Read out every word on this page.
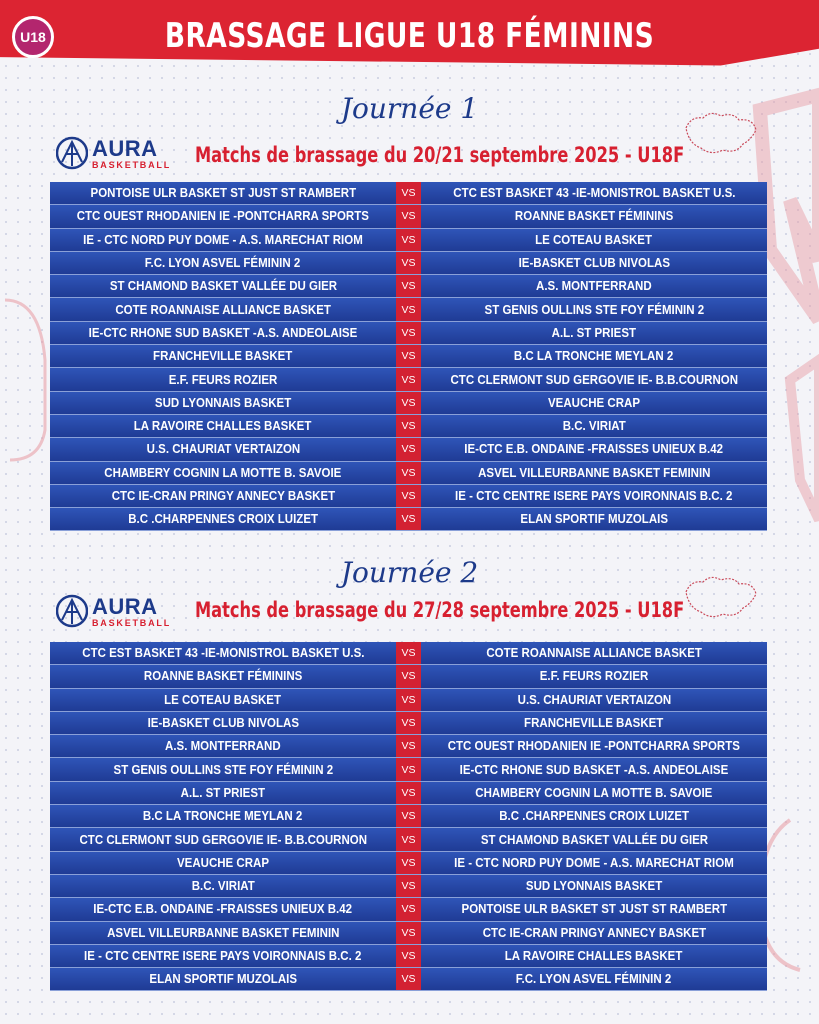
U18	BRASSAGE LIGUE U18 FÉMININS
Journée 1
AURA
BASKETBALL Matchs de brassage du 20/21 septembre 2025 - U18F
PONTOISE ULR BASKET ST JUST ST RAMBERT	VS	CTC EST BASKET 43 -IE-MONISTROL BASKET U.S.
CTC OUEST RHODANIEN IE -PONTCHARRA SPORTS	VS	ROANNE BASKET FÉMININS
IE - CTC NORD PUY DOME - A.S. MARECHAT RIOM	VS	LE COTEAU BASKET
F.C. LYON ASVEL FÉMININ 2	VS	IE-BASKET CLUB NIVOLAS
ST CHAMOND BASKET VALLÉE DU GIER	VS	A.S. MONTFERRAND
COTE ROANNAISE ALLIANCE BASKET	VS	ST GENIS OULLINS STE FOY FÉMININ 2
IE-CTC RHONE SUD BASKET -A.S. ANDEOLAISE	VS	A.L. ST PRIEST
FRANCHEVILLE BASKET	VS	B.C LA TRONCHE MEYLAN 2
E.F. FEURS ROZIER	VS	CTC CLERMONT SUD GERGOVIE IE- B.B.COURNON
SUD LYONNAIS BASKET	VS	VEAUCHE CRAP
LA RAVOIRE CHALLES BASKET	VS	B.C. VIRIAT
U.S. CHAURIAT VERTAIZON	VS	IE-CTC E.B. ONDAINE -FRAISSES UNIEUX B.42
CHAMBERY COGNIN LA MOTTE B. SAVOIE	VS	ASVEL VILLEURBANNE BASKET FEMININ
CTC IE-CRAN PRINGY ANNECY BASKET	VS	IE - CTC CENTRE ISERE PAYS VOIRONNAIS B.C. 2
B.C .CHARPENNES CROIX LUIZET	VS	ELAN SPORTIF MUZOLAIS
Journée 2
AURA
BASKETBALL
Matchs de brassage du 27/28 septembre 2025 - U18F
CTC EST BASKET 43 -IE-MONISTROL BASKET U.S.	VS	COTE ROANNAISE ALLIANCE BASKET
ROANNE BASKET FÉMININS	VS	E.F. FEURS ROZIER
LE COTEAU BASKET	VS	U.S. CHAURIAT VERTAIZON
IE-BASKET CLUB NIVOLAS	VS	FRANCHEVILLE BASKET
A.S. MONTFERRAND	VS	CTC OUEST RHODANIEN IE -PONTCHARRA SPORTS
ST GENIS OULLINS STE FOY FÉMININ 2	VS	IE-CTC RHONE SUD BASKET -A.S. ANDEOLAISE
A.L. ST PRIEST	VS	CHAMBERY COGNIN LA MOTTE B. SAVOIE
B.C LA TRONCHE MEYLAN 2	VS	B.C .CHARPENNES CROIX LUIZET
CTC CLERMONT SUD GERGOVIE IE- B.B.COURNON	VS	ST CHAMOND BASKET VALLÉE DU GIER
VEAUCHE CRAP	VS	IE - CTC NORD PUY DOME - A.S. MARECHAT RIOM
B.C. VIRIAT	VS	SUD LYONNAIS BASKET
IE-CTC E.B. ONDAINE -FRAISSES UNIEUX B.42	VS	PONTOISE ULR BASKET ST JUST ST RAMBERT
ASVEL VILLEURBANNE BASKET FEMININ	VS	CTC IE-CRAN PRINGY ANNECY BASKET
IE - CTC CENTRE ISERE PAYS VOIRONNAIS B.C. 2	VS	LA RAVOIRE CHALLES BASKET
ELAN SPORTIF MUZOLAIS	VS	F.C. LYON ASVEL FÉMININ 2
